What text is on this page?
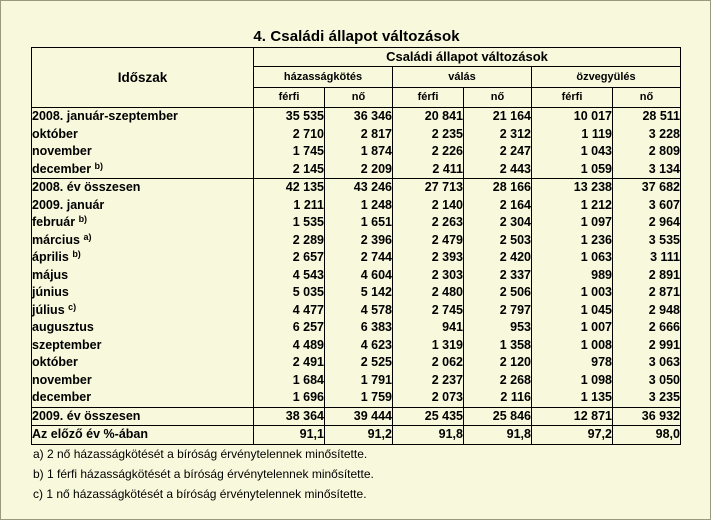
4. Családi állapot változások
Időszak	Családi állapot változások					
	házasságkötés		válás		özvegyülés	
	férfi	nő	férfi	nő	férfi	nő
2008. január-szeptember	35 535	36 346	20 841	21 164	10 017	28 511
október	2 710	2 817	2 235	2 312	1 119	3 228
november	1 745	1 874	2 226	2 247	1 043	2 809
december $^{b)}$	2 145	2 209	2 411	2 443	1 059	3 134
2008. év összesen	42 135	43 246	27 713	28 166	13 238	37 682
2009. január	1 211	1 248	2 140	2 164	1 212	3 607
február $^{b)}$	1 535	1 651	2 263	2 304	1 097	2 964
március $^{a)}$	2 289	2 396	2 479	2 503	1 236	3 535
április $^{b)}$	2 657	2 744	2 393	2 420	1 063	3 111
május	4 543	4 604	2 303	2 337	989	2 891
június	5 035	5 142	2 480	2 506	1 003	2 871
július $^{c)}$	4 477	4 578	2 745	2 797	1 045	2 948
augusztus	6 257	6 383	941	953	1 007	2 666
szeptember	4 489	4 623	1 319	1 358	1 008	2 991
október	2 491	2 525	2 062	2 120	978	3 063
november	1 684	1 791	2 237	2 268	1 098	3 050
december	1 696	1 759	2 073	2 116	1 135	3 235
2009. év összesen	38 364	39 444	25 435	25 846	12 871	36 932
Az előző év %-ában	91,1	91,2	91,8	91,8	97,2	98,0
a) 2 nő házasságkötését a bíróság érvénytelennek minősítette.
b) 1 férfi házasságkötését a bíróság érvénytelennek minősítette.
c) 1 nő házasságkötését a bíróság érvénytelennek minősítette.
